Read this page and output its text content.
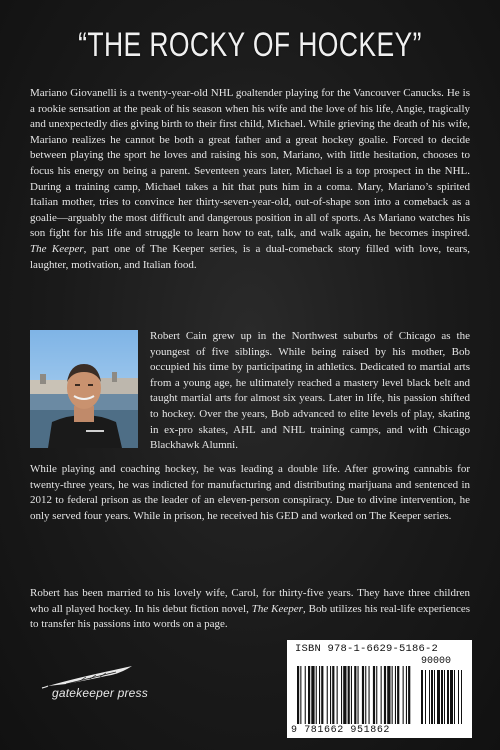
“THE ROCKY OF HOCKEY”
Mariano Giovanelli is a twenty-year-old NHL goaltender playing for the Vancouver Canucks. He is a rookie sensation at the peak of his season when his wife and the love of his life, Angie, tragically and unexpectedly dies giving birth to their first child, Michael. While grieving the death of his wife, Mariano realizes he cannot be both a great father and a great hockey goalie. Forced to decide between playing the sport he loves and raising his son, Mariano, with little hesitation, chooses to focus his energy on being a parent. Seventeen years later, Michael is a top prospect in the NHL. During a training camp, Michael takes a hit that puts him in a coma. Mary, Mariano’s spirited Italian mother, tries to convince her thirty-seven-year-old, out-of-shape son into a comeback as a goalie—arguably the most difficult and dangerous position in all of sports. As Mariano watches his son fight for his life and struggle to learn how to eat, talk, and walk again, he becomes inspired. The Keeper, part one of The Keeper series, is a dual-comeback story filled with love, tears, laughter, motivation, and Italian food.
Robert Cain grew up in the Northwest suburbs of Chicago as the youngest of five siblings. While being raised by his mother, Bob occupied his time by participating in athletics. Dedicated to martial arts from a young age, he ultimately reached a mastery level black belt and taught martial arts for almost six years. Later in life, his passion shifted to hockey. Over the years, Bob advanced to elite levels of play, skating in ex-pro skates, AHL and NHL training camps, and with Chicago Blackhawk Alumni.
While playing and coaching hockey, he was leading a double life. After growing cannabis for twenty-three years, he was indicted for manufacturing and distributing marijuana and sentenced in 2012 to federal prison as the leader of an eleven-person conspiracy. Due to divine intervention, he only served four years. While in prison, he received his GED and worked on The Keeper series.
Robert has been married to his lovely wife, Carol, for thirty-five years. They have three children who all played hockey. In his debut fiction novel, The Keeper, Bob utilizes his real-life experiences to transfer his passions into words on a page.
gatekeeper press
ISBN 978-1-6629-5186-2
90000
9 781662 951862
